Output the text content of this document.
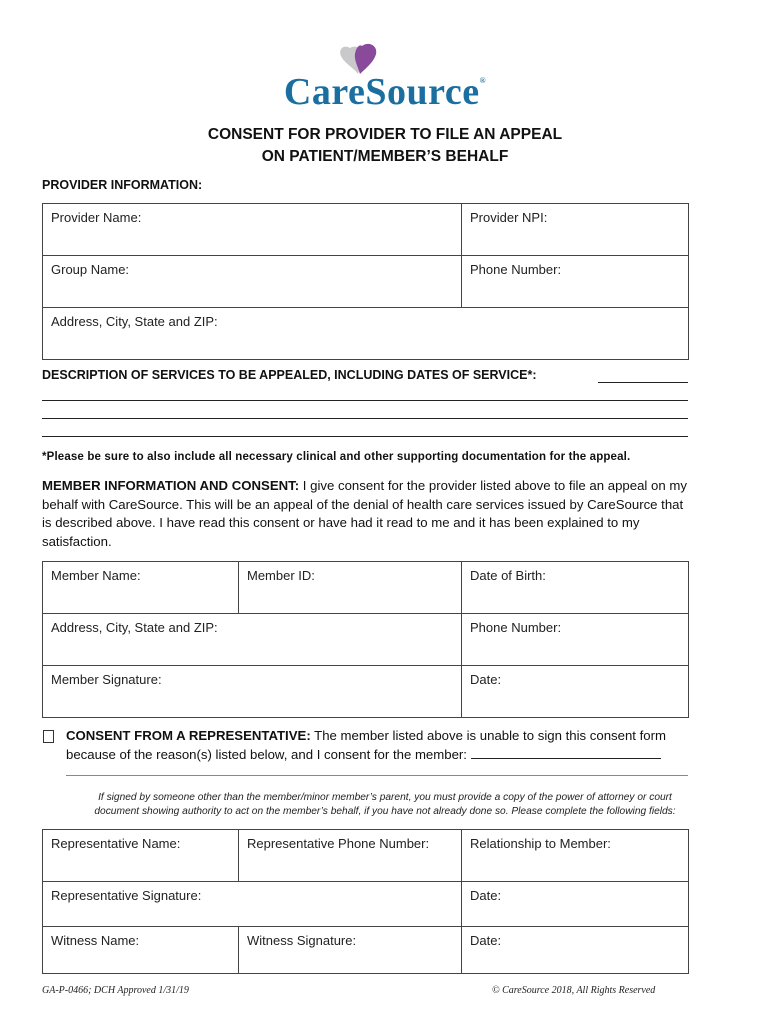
CareSource®
CONSENT FOR PROVIDER TO FILE AN APPEAL
ON PATIENT/MEMBER’S BEHALF
PROVIDER INFORMATION:
Provider Name:	Provider NPI:
Group Name:	Phone Number:
Address, City, State and ZIP:	
DESCRIPTION OF SERVICES TO BE APPEALED, INCLUDING DATES OF SERVICE*:
*Please be sure to also include all necessary clinical and other supporting documentation for the appeal.
MEMBER INFORMATION AND CONSENT: I give consent for the provider listed above to file an appeal on my behalf with CareSource. This will be an appeal of the denial of health care services issued by CareSource that is described above. I have read this consent or have had it read to me and it has been explained to my satisfaction.
Member Name:	Member ID:	Date of Birth:
Address, City, State and ZIP:		Phone Number:
Member Signature:		Date:
CONSENT FROM A REPRESENTATIVE: The member listed above is unable to sign this consent form because of the reason(s) listed below, and I consent for the member:
If signed by someone other than the member/minor member’s parent, you must provide a copy of the power of attorney or court
document showing authority to act on the member’s behalf, if you have not already done so. Please complete the following fields:
Representative Name:	Representative Phone Number:	Relationship to Member:
Representative Signature:		Date:
Witness Name:	Witness Signature:	Date:
GA-P-0466; DCH Approved 1/31/19	© CareSource 2018, All Rights Reserved
